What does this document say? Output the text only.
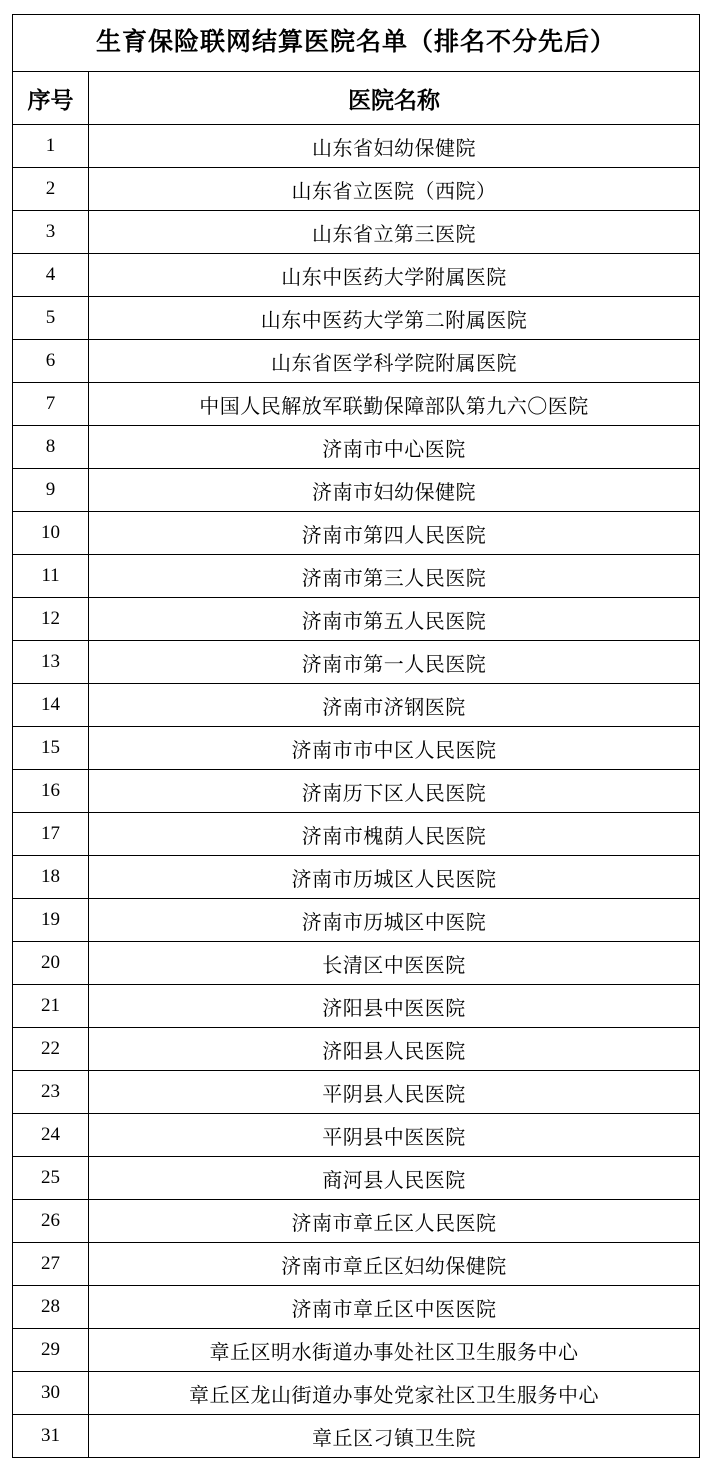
生育保险联网结算医院名单（排名不分先后）	
序号	医院名称
1	山东省妇幼保健院
2	山东省立医院（西院）
3	山东省立第三医院
4	山东中医药大学附属医院
5	山东中医药大学第二附属医院
6	山东省医学科学院附属医院
7	中国人民解放军联勤保障部队第九六〇医院
8	济南市中心医院
9	济南市妇幼保健院
10	济南市第四人民医院
11	济南市第三人民医院
12	济南市第五人民医院
13	济南市第一人民医院
14	济南市济钢医院
15	济南市市中区人民医院
16	济南历下区人民医院
17	济南市槐荫人民医院
18	济南市历城区人民医院
19	济南市历城区中医院
20	长清区中医医院
21	济阳县中医医院
22	济阳县人民医院
23	平阴县人民医院
24	平阴县中医医院
25	商河县人民医院
26	济南市章丘区人民医院
27	济南市章丘区妇幼保健院
28	济南市章丘区中医医院
29	章丘区明水街道办事处社区卫生服务中心
30	章丘区龙山街道办事处党家社区卫生服务中心
31	章丘区刁镇卫生院
